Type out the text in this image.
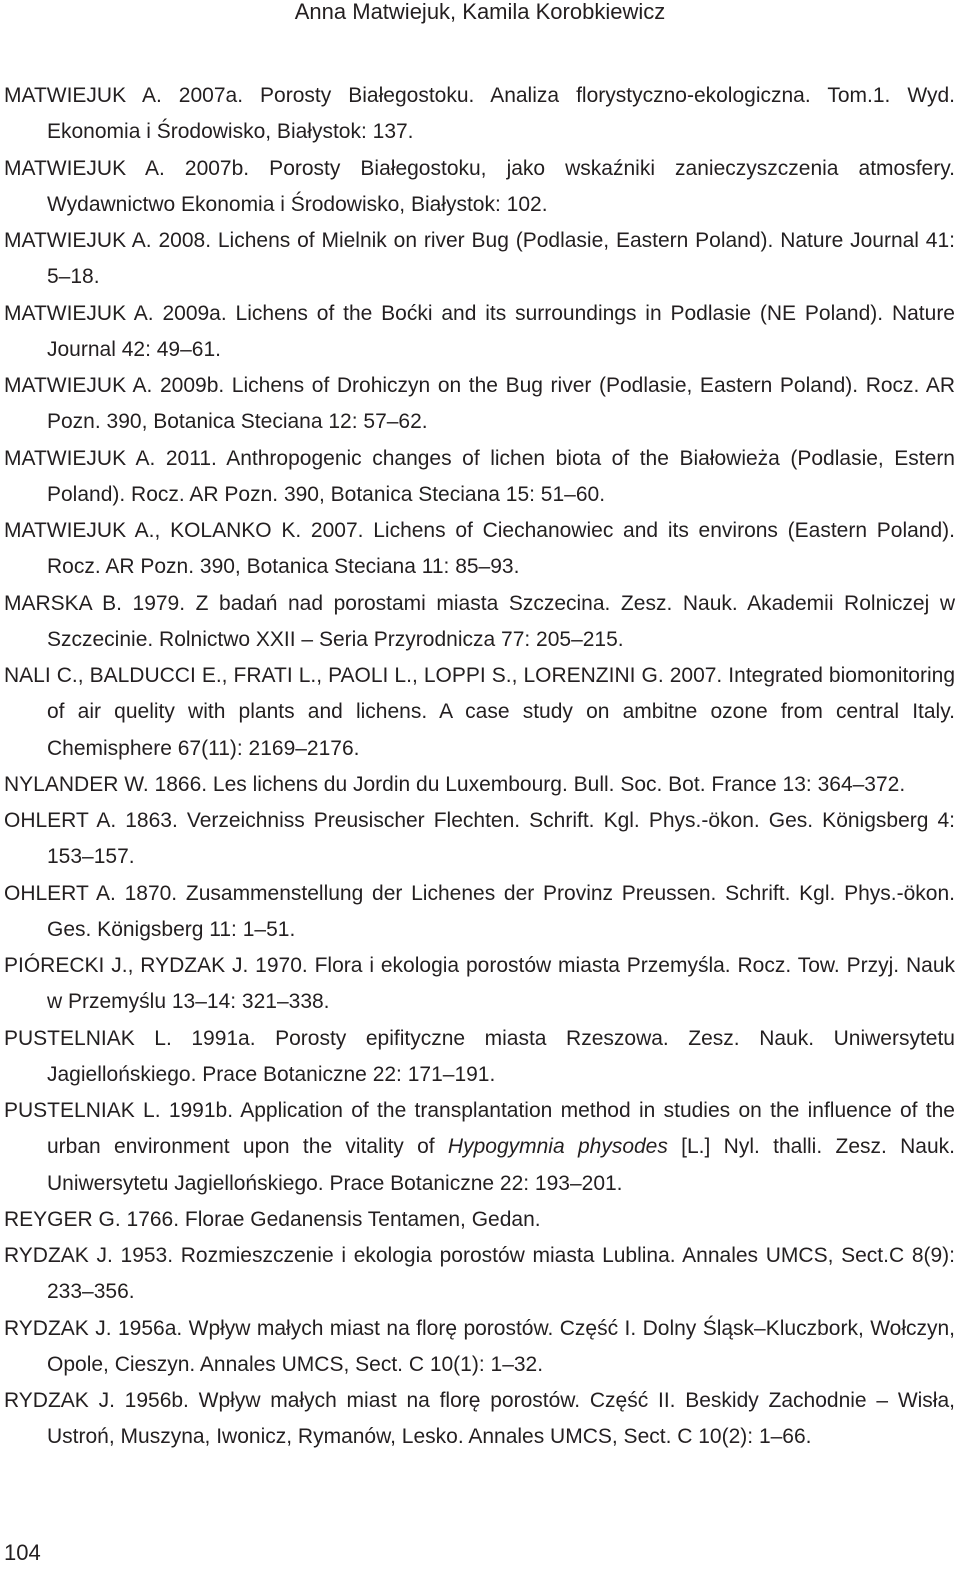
Anna Matwiejuk, Kamila Korobkiewicz
MATWIEJUK A. 2007a. Porosty Białegostoku. Analiza florystyczno-ekologiczna. Tom.1. Wyd. Ekonomia i Środowisko, Białystok: 137.
MATWIEJUK A. 2007b. Porosty Białegostoku, jako wskaźniki zanieczyszczenia atmosfery. Wydawnictwo Ekonomia i Środowisko, Białystok: 102.
MATWIEJUK A. 2008. Lichens of Mielnik on river Bug (Podlasie, Eastern Poland). Nature Journal 41: 5–18.
MATWIEJUK A. 2009a. Lichens of the Boćki and its surroundings in Podlasie (NE Poland). Nature Journal 42: 49–61.
MATWIEJUK A. 2009b. Lichens of Drohiczyn on the Bug river (Podlasie, Eastern Poland). Rocz. AR Pozn. 390, Botanica Steciana 12: 57–62.
MATWIEJUK A. 2011. Anthropogenic changes of lichen biota of the Białowieża (Podlasie, Estern Poland). Rocz. AR Pozn. 390, Botanica Steciana 15: 51–60.
MATWIEJUK A., KOLANKO K. 2007. Lichens of Ciechanowiec and its environs (Eastern Poland). Rocz. AR Pozn. 390, Botanica Steciana 11: 85–93.
MARSKA B. 1979. Z badań nad porostami miasta Szczecina. Zesz. Nauk. Akademii Rolniczej w Szczecinie. Rolnictwo XXII – Seria Przyrodnicza 77: 205–215.
NALI C., BALDUCCI E., FRATI L., PAOLI L., LOPPI S., LORENZINI G. 2007. Integrated biomonitoring of air quelity with plants and lichens. A case study on ambitne ozone from central Italy. Chemisphere 67(11): 2169–2176.
NYLANDER W. 1866. Les lichens du Jordin du Luxembourg. Bull. Soc. Bot. France 13: 364–372.
OHLERT A. 1863. Verzeichniss Preusischer Flechten. Schrift. Kgl. Phys.-ökon. Ges. Königsberg 4: 153–157.
OHLERT A. 1870. Zusammenstellung der Lichenes der Provinz Preussen. Schrift. Kgl. Phys.-ökon. Ges. Königsberg 11: 1–51.
PIÓRECKI J., RYDZAK J. 1970. Flora i ekologia porostów miasta Przemyśla. Rocz. Tow. Przyj. Nauk w Przemyślu 13–14: 321–338.
PUSTELNIAK L. 1991a. Porosty epifityczne miasta Rzeszowa. Zesz. Nauk. Uniwersytetu Jagiellońskiego. Prace Botaniczne 22: 171–191.
PUSTELNIAK L. 1991b. Application of the transplantation method in studies on the influence of the urban environment upon the vitality of Hypogymnia physodes [L.] Nyl. thalli. Zesz. Nauk. Uniwersytetu Jagiellońskiego. Prace Botaniczne 22: 193–201.
REYGER G. 1766. Florae Gedanensis Tentamen, Gedan.
RYDZAK J. 1953. Rozmieszczenie i ekologia porostów miasta Lublina. Annales UMCS, Sect.C 8(9): 233–356.
RYDZAK J. 1956a. Wpływ małych miast na florę porostów. Część I. Dolny Śląsk–Kluczbork, Wołczyn, Opole, Cieszyn. Annales UMCS, Sect. C 10(1): 1–32.
RYDZAK J. 1956b. Wpływ małych miast na florę porostów. Część II. Beskidy Zachodnie – Wisła, Ustroń, Muszyna, Iwonicz, Rymanów, Lesko. Annales UMCS, Sect. C 10(2): 1–66.
104
